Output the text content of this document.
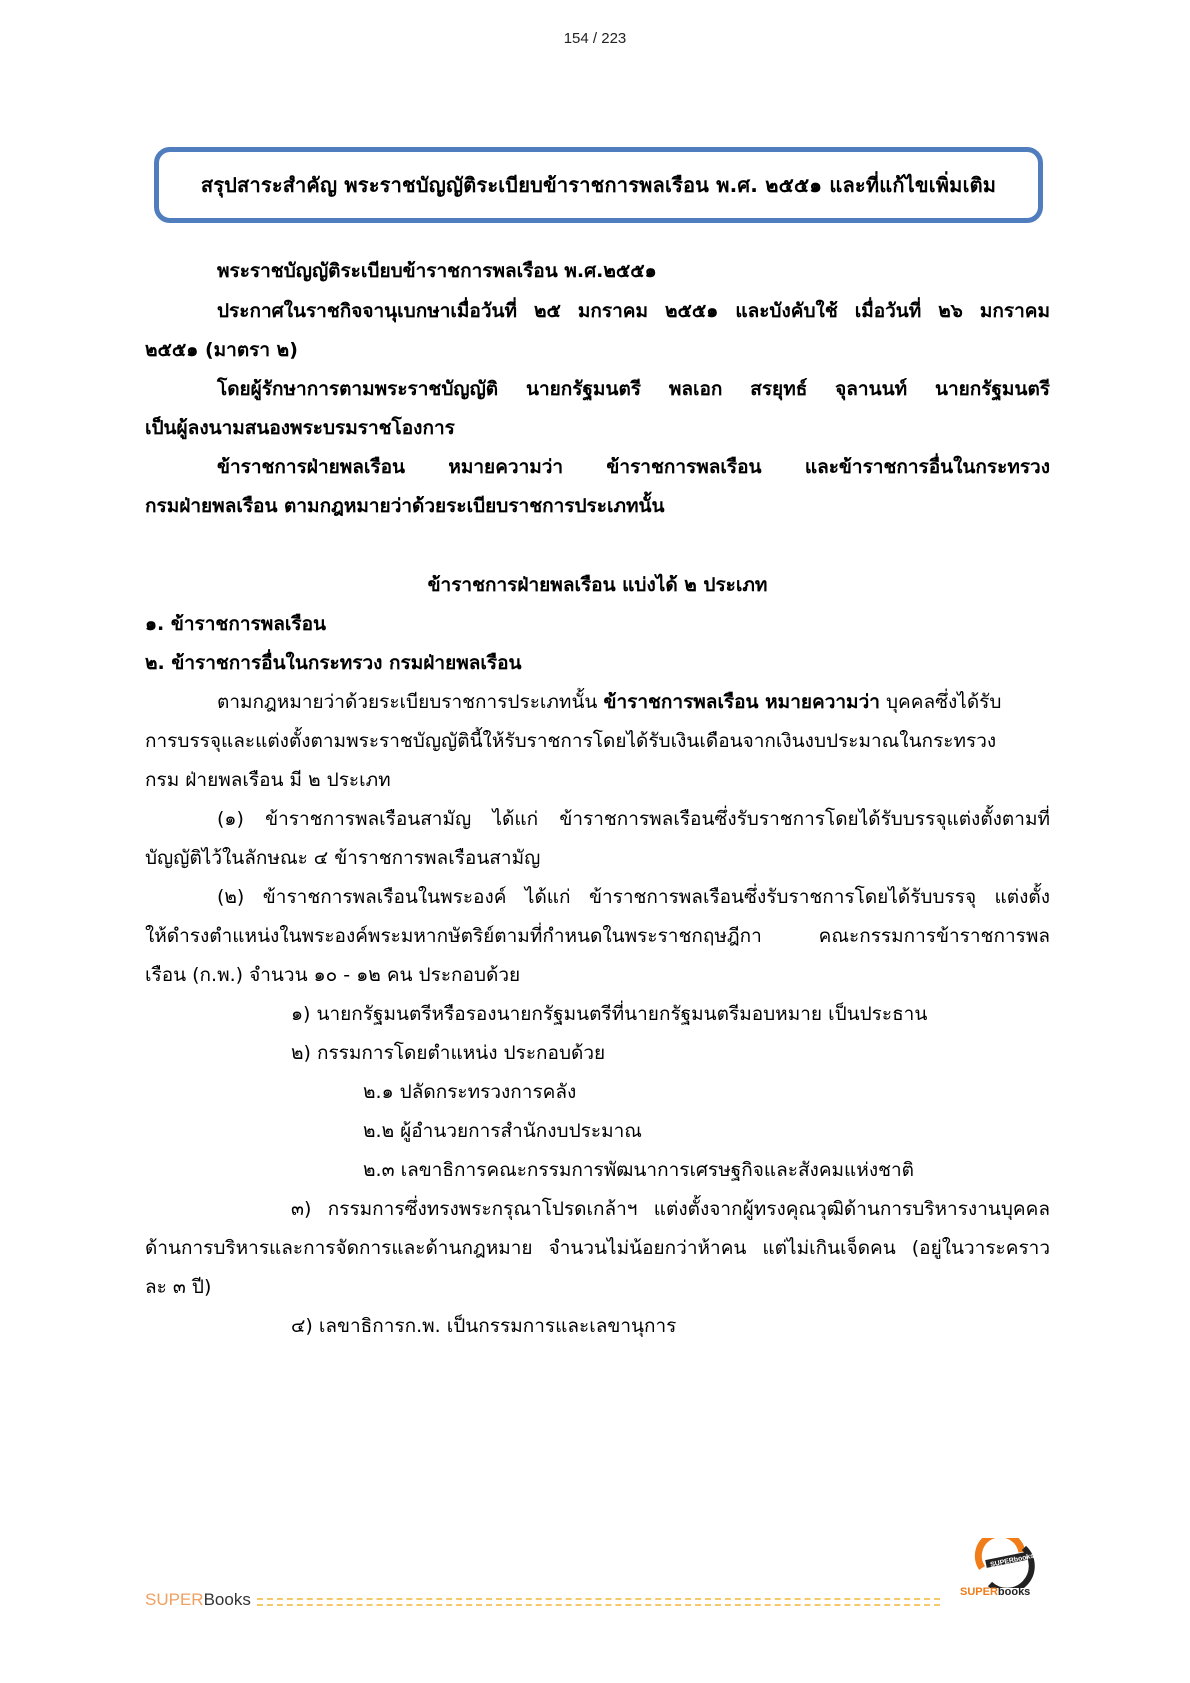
154 / 223
สรุปสาระสำคัญ พระราชบัญญัติระเบียบข้าราชการพลเรือน พ.ศ. ๒๕๕๑ และที่แก้ไขเพิ่มเติม
พระราชบัญญัติระเบียบข้าราชการพลเรือน พ.ศ.๒๕๕๑
ประกาศในราชกิจจานุเบกษาเมื่อวันที่ ๒๕ มกราคม ๒๕๕๑ และบังคับใช้ เมื่อวันที่ ๒๖ มกราคม
๒๕๕๑ (มาตรา ๒)
โดยผู้รักษาการตามพระราชบัญญัติ นายกรัฐมนตรี พลเอก สรยุทธ์ จุลานนท์ นายกรัฐมนตรี
เป็นผู้ลงนามสนองพระบรมราชโองการ
ข้าราชการฝ่ายพลเรือน หมายความว่า ข้าราชการพลเรือน และข้าราชการอื่นในกระทรวง
กรมฝ่ายพลเรือน ตามกฎหมายว่าด้วยระเบียบราชการประเภทนั้น
ข้าราชการฝ่ายพลเรือน แบ่งได้ ๒ ประเภท
๑. ข้าราชการพลเรือน
๒. ข้าราชการอื่นในกระทรวง กรมฝ่ายพลเรือน
ตามกฎหมายว่าด้วยระเบียบราชการประเภทนั้น ข้าราชการพลเรือน หมายความว่า บุคคลซึ่งได้รับ
การบรรจุและแต่งตั้งตามพระราชบัญญัตินี้ให้รับราชการโดยได้รับเงินเดือนจากเงินงบประมาณในกระทรวง
กรม ฝ่ายพลเรือน มี ๒ ประเภท
(๑) ข้าราชการพลเรือนสามัญ ได้แก่ ข้าราชการพลเรือนซึ่งรับราชการโดยได้รับบรรจุแต่งตั้งตามที่
บัญญัติไว้ในลักษณะ ๔ ข้าราชการพลเรือนสามัญ
(๒) ข้าราชการพลเรือนในพระองค์ ได้แก่ ข้าราชการพลเรือนซึ่งรับราชการโดยได้รับบรรจุ แต่งตั้ง
ให้ดำรงตำแหน่งในพระองค์พระมหากษัตริย์ตามที่กำหนดในพระราชกฤษฎีกา คณะกรรมการข้าราชการพล
เรือน (ก.พ.) จำนวน ๑๐ - ๑๒ คน ประกอบด้วย
๑) นายกรัฐมนตรีหรือรองนายกรัฐมนตรีที่นายกรัฐมนตรีมอบหมาย เป็นประธาน
๒) กรรมการโดยตำแหน่ง ประกอบด้วย
๒.๑ ปลัดกระทรวงการคลัง
๒.๒ ผู้อำนวยการสำนักงบประมาณ
๒.๓ เลขาธิการคณะกรรมการพัฒนาการเศรษฐกิจและสังคมแห่งชาติ
๓) กรรมการซึ่งทรงพระกรุณาโปรดเกล้าฯ แต่งตั้งจากผู้ทรงคุณวุฒิด้านการบริหารงานบุคคล
ด้านการบริหารและการจัดการและด้านกฎหมาย จำนวนไม่น้อยกว่าห้าคน แต่ไม่เกินเจ็ดคน (อยู่ในวาระคราว
ละ ๓ ปี)
๔) เลขาธิการก.พ. เป็นกรรมการและเลขานุการ
SUPER Books
SUPERbooks
SUPERbooks
